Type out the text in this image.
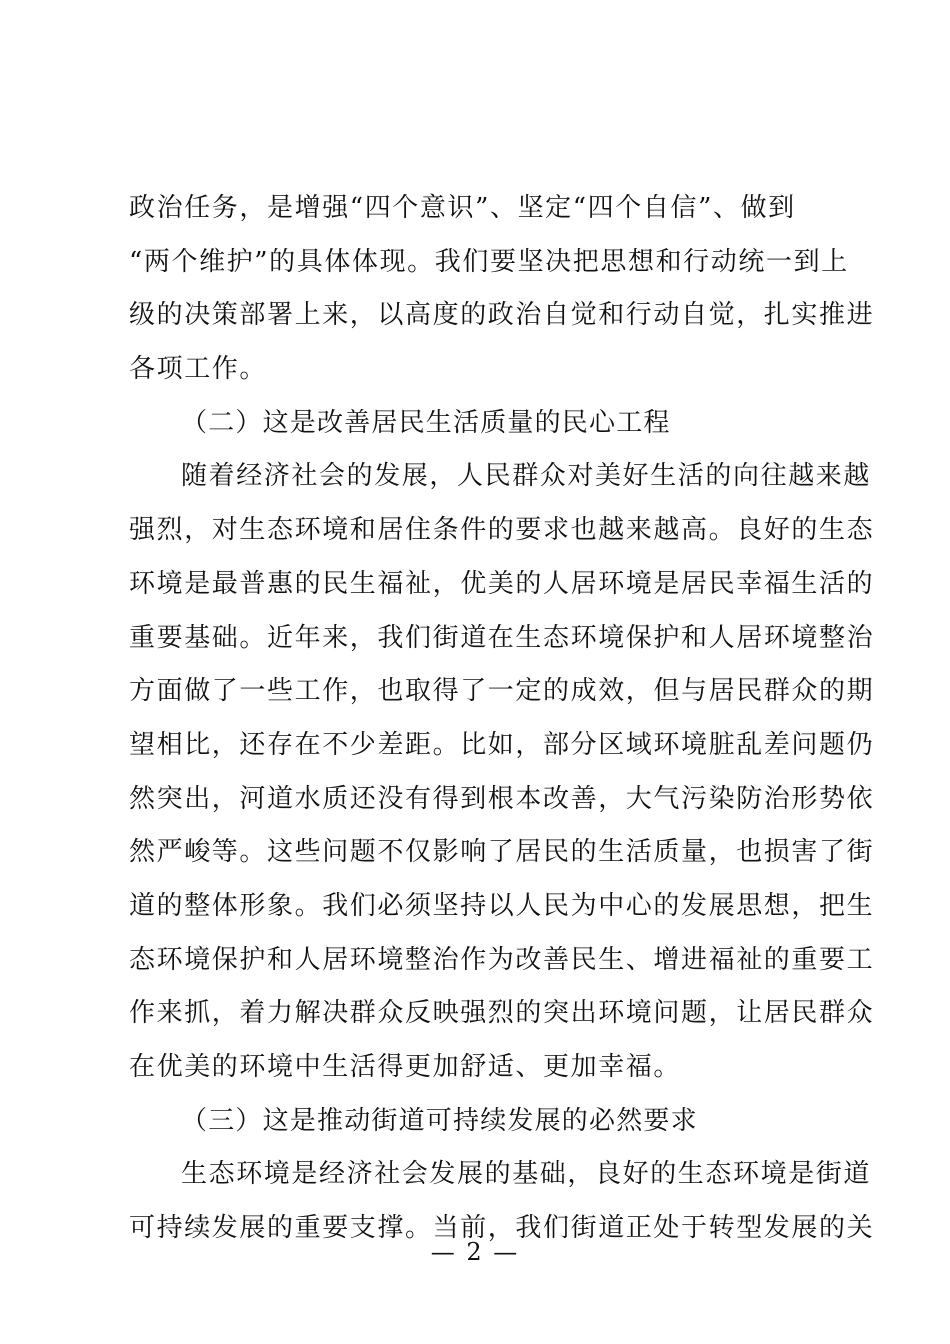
政治任务，是增强“四个意识”、坚定“四个自信”、做到
“两个维护”的具体体现。我们要坚决把思想和行动统一到上
级的决策部署上来，以高度的政治自觉和行动自觉，扎实推进
各项工作。
（二）这是改善居民生活质量的民心工程
随着经济社会的发展，人民群众对美好生活的向往越来越
强烈，对生态环境和居住条件的要求也越来越高。良好的生态
环境是最普惠的民生福祉，优美的人居环境是居民幸福生活的
重要基础。近年来，我们街道在生态环境保护和人居环境整治
方面做了一些工作，也取得了一定的成效，但与居民群众的期
望相比，还存在不少差距。比如，部分区域环境脏乱差问题仍
然突出，河道水质还没有得到根本改善，大气污染防治形势依
然严峻等。这些问题不仅影响了居民的生活质量，也损害了街
道的整体形象。我们必须坚持以人民为中心的发展思想，把生
态环境保护和人居环境整治作为改善民生、增进福祉的重要工
作来抓，着力解决群众反映强烈的突出环境问题，让居民群众
在优美的环境中生活得更加舒适、更加幸福。
（三）这是推动街道可持续发展的必然要求
生态环境是经济社会发展的基础，良好的生态环境是街道
可持续发展的重要支撑。当前，我们街道正处于转型发展的关
— 2 —
